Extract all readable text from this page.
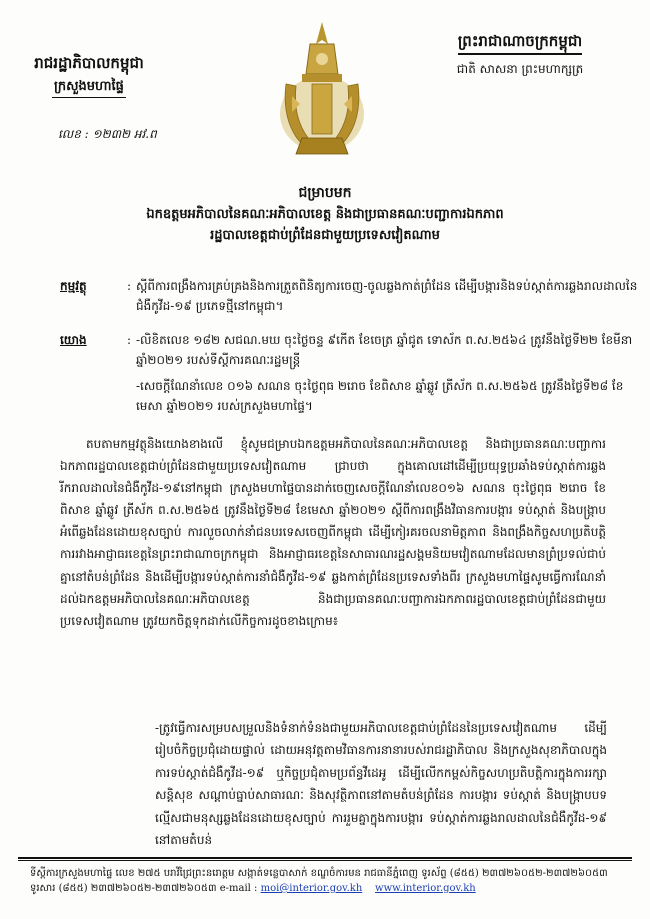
ព្រះរាជាណាចក្រកម្ពុជា
ជាតិ សាសនា ព្រះមហាក្សត្រ
រាជរដ្ឋាភិបាលកម្ពុជា
ក្រសួងមហាផ្ទៃ
លេខ : ១២៣២ អវ.ព
ជម្រាបមក
ឯកឧត្តមអភិបាលនៃគណៈអភិបាលខេត្ត និងជាប្រធានគណៈបញ្ជាការឯកភាព
រដ្ឋបាលខេត្តជាប់ព្រំដែនជាមួយប្រទេសវៀតណាម
កម្មវត្ថុ	: ស្តីពីការពង្រឹងការគ្រប់គ្រងនិងការត្រួតពិនិត្យការចេញ-ចូលឆ្លងកាត់ព្រំដែន ដើម្បីបង្ការនិងទប់ស្កាត់ការឆ្លងរាលដាលនៃជំងឺកូវីដ-១៩ ប្រភេទថ្មីនៅកម្ពុជា។
យោង	: -លិខិតលេខ ១៨២ សជណ.មឃ ចុះថ្ងៃចន្ទ ៩កើត ខែចេត្រ ឆ្នាំជូត ទោស័ក ព.ស.២៥៦៤ ត្រូវនឹងថ្ងៃទី២២ ខែមីនា ឆ្នាំ២០២១ របស់ទីស្តីការគណៈរដ្ឋមន្ត្រី
-សេចក្តីណែនាំលេខ ០១៦ សណន ចុះថ្ងៃពុធ ២រោច ខែពិសាខ ឆ្នាំឆ្លូវ ត្រីស័ក ព.ស.២៥៦៥ ត្រូវនឹងថ្ងៃទី២៨ ខែមេសា ឆ្នាំ២០២១ របស់ក្រសួងមហាផ្ទៃ។
តបតាមកម្មវត្ថុនិងយោងខាងលើ ខ្ញុំសូមជម្រាបឯកឧត្តមអភិបាលនៃគណៈអភិបាលខេត្ត និងជាប្រធានគណៈបញ្ជាការឯកភាពរដ្ឋបាលខេត្តជាប់ព្រំដែនជាមួយប្រទេសវៀតណាម ជ្រាបថា ក្នុងគោលដៅដើម្បីប្រយុទ្ធប្រឆាំងទប់ស្កាត់ការឆ្លងរីករាលដាលនៃជំងឺកូវីដ-១៩នៅកម្ពុជា ក្រសួងមហាផ្ទៃបានដាក់ចេញសេចក្តីណែនាំលេខ០១៦ សណន ចុះថ្ងៃពុធ ២រោច ខែពិសាខ ឆ្នាំឆ្លូវ ត្រីស័ក ព.ស.២៥៦៥ ត្រូវនឹងថ្ងៃទី២៨ ខែមេសា ឆ្នាំ២០២១ ស្តីពីការពង្រឹងវិធានការបង្ការ ទប់ស្កាត់ និងបង្ក្រាបអំពើឆ្លងដែនដោយខុសច្បាប់ ការលួចលាក់នាំជនបរទេសចេញពីកម្ពុជា ដើម្បីកៀរគរចលនាមិត្តភាព និងពង្រឹងកិច្ចសហប្រតិបត្តិការរវាងអាជ្ញាធរខេត្តនៃព្រះរាជាណាចក្រកម្ពុជា និងអាជ្ញាធរខេត្តនៃសាធារណរដ្ឋសង្គមនិយមវៀតណាមដែលមានព្រំប្រទល់ជាប់គ្នានៅតំបន់ព្រំដែន និងដើម្បីបង្ការទប់ស្កាត់ការនាំជំងឺកូវីដ-១៩ ឆ្លងកាត់ព្រំដែនប្រទេសទាំងពីរ ក្រសួងមហាផ្ទៃសូមធ្វើការណែនាំដល់ឯកឧត្តមអភិបាលនៃគណៈអភិបាលខេត្ត និងជាប្រធានគណៈបញ្ជាការឯកភាពរដ្ឋបាលខេត្តជាប់ព្រំដែនជាមួយប្រទេសវៀតណាម ត្រូវយកចិត្តទុកដាក់លើកិច្ចការដូចខាងក្រោម៖
-ត្រូវធ្វើការសម្របសម្រួលនិងទំនាក់ទំនងជាមួយអភិបាលខេត្តជាប់ព្រំដែននៃប្រទេសវៀតណាម ដើម្បីរៀបចំកិច្ចប្រជុំដោយផ្ទាល់ ដោយអនុវត្តតាមវិធានការនានារបស់រាជរដ្ឋាភិបាល និងក្រសួងសុខាភិបាលក្នុងការទប់ស្កាត់ជំងឺកូវីដ-១៩ ឬកិច្ចប្រជុំតាមប្រព័ន្ធវីដេអូ ដើម្បីលើកកម្ពស់កិច្ចសហប្រតិបត្តិការក្នុងការរក្សាសន្តិសុខ សណ្តាប់ធ្នាប់សាធារណៈ និងសុវត្ថិភាពនៅតាមតំបន់ព្រំដែន ការបង្ការ ទប់ស្កាត់ និងបង្ក្រាបបទល្មើសជាមនុស្សឆ្លងដែនដោយខុសច្បាប់ ការរួមគ្នាក្នុងការបង្ការ ទប់ស្កាត់ការឆ្លងរាលដាលនៃជំងឺកូវីដ-១៩ នៅតាមតំបន់
ទីស្តីការក្រសួងមហាផ្ទៃ លេខ ២៧៥ បរាវីជ្រៃព្រះនរោត្តម សង្កាត់ទន្លេបាសាក់ ខណ្ឌចំការមន រាជធានីភ្នំពេញ ទូរស័ព្ទ (៨៥៥) ២៣៧២៦០៥២-២៣៧២៦០៥៣
ទូរសារ (៨៥៥) ២៣៧២៦០៥២-២៣៧២៦០៥៣ e-mail : moi@interior.gov.kh www.interior.gov.kh
